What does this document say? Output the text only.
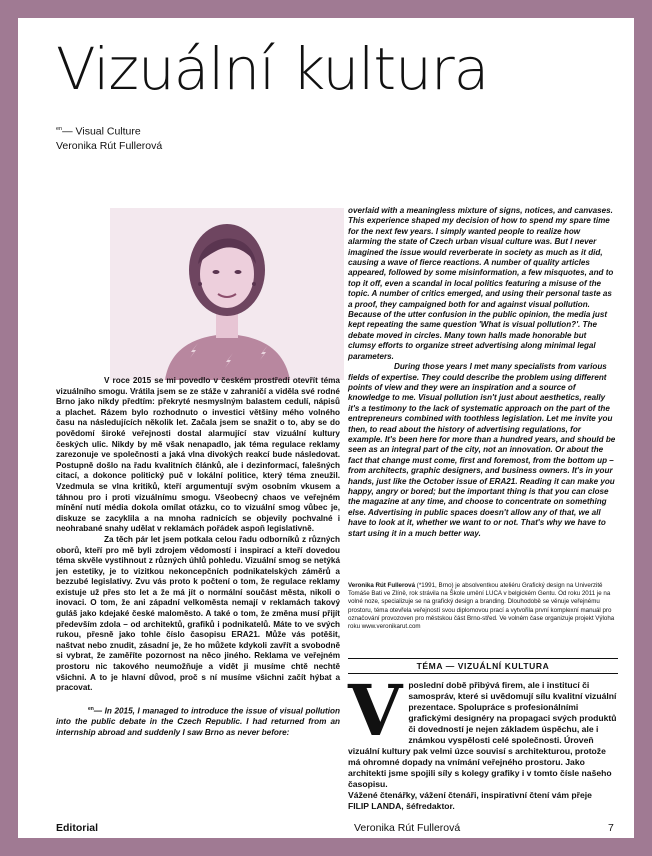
Vizuální kultura
$^{en}$— Visual Culture
Veronika Rút Fullerová

V roce 2015 se mi povedlo v českém prostředí otevřít téma vizuálního smogu. Vrátila jsem se ze stáže v zahraničí a viděla své rodné Brno jako nikdy předtím: překryté nesmyslným balastem cedulí, nápisů a plachet. Rázem bylo rozhodnuto o investici většiny mého volného času na následujících několik let. Začala jsem se snažit o to, aby se do povědomí široké veřejnosti dostal alarmující stav vizuální kultury českých ulic. Nikdy by mě však nenapadlo, jak téma regulace reklamy zarezonuje ve společnosti a jaká vlna divokých reakcí bude následovat. Postupně došlo na řadu kvalitních článků, ale i dezinformací, falešných citací, a dokonce politický puč v lokální politice, který téma zneužil. Vzedmula se vlna kritiků, kteří argumentují svým osobním vkusem a táhnou pro i proti vizuálnímu smogu. Všeobecný chaos ve veřejném mínění nutí média dokola omílat otázku, co to vizuální smog vůbec je, diskuze se zacyklila a na mnoha radnicích se objevily pochvalné i neohrabané snahy udělat v reklamách pořádek aspoň legislativně.

Za těch pár let jsem potkala celou řadu odborníků z různých oborů, kteří pro mě byli zdrojem vědomostí i inspirací a kteří dovedou téma skvěle vystihnout z různých úhlů pohledu. Vizuální smog se netýká jen estetiky, je to vizitkou nekoncepčních podnikatelských záměrů a bezzubé legislativy. Zvu vás proto k počtení o tom, že regulace reklamy existuje už přes sto let a že má jít o normální součást města, nikoli o inovaci. O tom, že ani západní velkoměsta nemají v reklamách takový guláš jako kdejaké české maloměsto. A také o tom, že změna musí přijít především zdola – od architektů, grafiků i podnikatelů. Máte to ve svých rukou, přesně jako tohle číslo časopisu ERA21. Může vás potěšit, naštvat nebo znudit, zásadní je, že ho můžete kdykoli zavřít a svobodně si vybrat, že zaměříte pozornost na něco jiného. Reklama ve veřejném prostoru nic takového neumožňuje a vidět ji musíme chtě nechtě všichni. A to je hlavní důvod, proč s ní musíme všichni začít hýbat a pracovat.

$^{en}$— In 2015, I managed to introduce the issue of visual pollution into the public debate in the Czech Republic. I had returned from an internship abroad and suddenly I saw Brno as never before:

overlaid with a meaningless mixture of signs, notices, and canvases. This experience shaped my decision of how to spend my spare time for the next few years. I simply wanted people to realize how alarming the state of Czech urban visual culture was. But I never imagined the issue would reverberate in society as much as it did, causing a wave of fierce reactions. A number of quality articles appeared, followed by some misinformation, a few misquotes, and to top it off, even a scandal in local politics featuring a misuse of the topic. A number of critics emerged, and using their personal taste as a proof, they campaigned both for and against visual pollution. Because of the utter confusion in the public opinion, the media just kept repeating the same question 'What is visual pollution?'. The debate moved in circles. Many town halls made honorable but clumsy efforts to organize street advertising along minimal legal parameters.

During those years I met many specialists from various fields of expertise. They could describe the problem using different points of view and they were an inspiration and a source of knowledge to me. Visual pollution isn't just about aesthetics, really it's a testimony to the lack of systematic approach on the part of the entrepreneurs combined with toothless legislation. Let me invite you then, to read about the history of advertising regulations, for example. It's been here for more than a hundred years, and should be seen as an integral part of the city, not an innovation. Or about the fact that change must come, first and foremost, from the bottom up – from architects, graphic designers, and business owners. It's in your hands, just like the October issue of ERA21. Reading it can make you happy, angry or bored; but the important thing is that you can close the magazine at any time, and choose to concentrate on something else. Advertising in public spaces doesn't allow any of that, we all have to look at it, whether we want to or not. That's why we have to start using it in a much better way.

Veronika Rút Fullerová (*1991, Brno) je absolventkou ateliéru Grafický design na Univerzitě Tomáše Bati ve Zlíně, rok strávila na Škole umění LUCA v belgickém Gentu. Od roku 2011 je na volné noze, specializuje se na grafický design a branding. Dlouhodobě se věnuje veřejnému prostoru, téma otevřela veřejností svou diplomovou prací a vytvořila první komplexní manuál pro označování provozoven pro městskou část Brno-střed. Ve volném čase organizuje projekt Výloha roku www.veronikarut.com
TÉMA — VIZUÁLNÍ KULTURA
V poslední době přibývá firem, ale i institucí či samospráv, které si uvědomují sílu kvalitní vizuální prezentace. Spolupráce s profesionálními grafickými designéry na propagaci svých produktů či dovedností je nejen základem úspěchu, ale i známkou vyspělosti celé společnosti. Úroveň vizuální kultury pak velmi úzce souvisí s architekturou, protože má ohromné dopady na vnímání veřejného prostoru. Jako architekti jsme spojili síly s kolegy grafiky i v tomto čísle našeho časopisu.
Vážené čtenářky, vážení čtenáři, inspirativní čtení vám přeje
FILIP LANDA, šéfredaktor.
Editorial	Veronika Rút Fullerová	7
